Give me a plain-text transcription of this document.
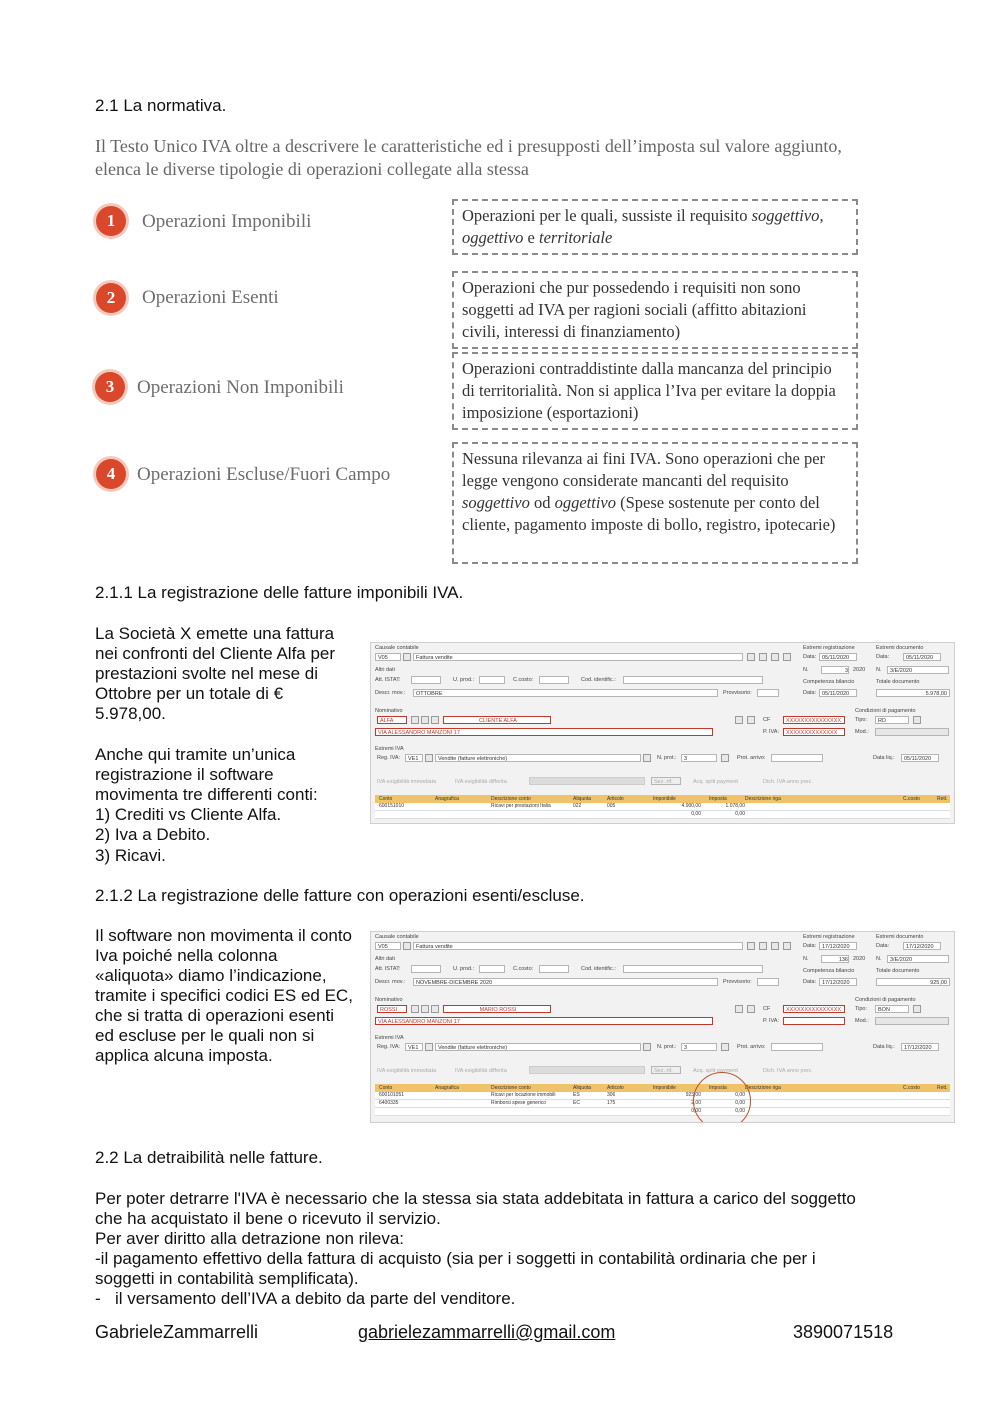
2.1 La normativa.
Il Testo Unico IVA oltre a descrivere le caratteristiche ed i presupposti dell’imposta sul valore aggiunto, elenca le diverse tipologie di operazioni collegate alla stessa
1	Operazioni Imponibili	Operazioni per le quali, sussiste il requisito soggettivo,
oggettivo e territoriale
2	Operazioni Esenti	Operazioni che pur possedendo i requisiti non sono soggetti ad IVA per ragioni sociali (affitto abitazioni civili, interessi di finanziamento)
3	Operazioni Non Imponibili
Operazioni contraddistinte dalla mancanza del principio di territorialità. Non si applica l’Iva per evitare la doppia imposizione (esportazioni)
4	Operazioni Escluse/Fuori Campo
Nessuna rilevanza ai fini IVA. Sono operazioni che per legge vengono considerate mancanti del requisito soggettivo od oggettivo (Spese sostenute per conto del cliente, pagamento imposte di bollo, registro, ipotecarie)
2.1.1 La registrazione delle fatture imponibili IVA.
La Società X emette una fattura nei confronti del Cliente Alfa per prestazioni svolte nel mese di Ottobre per un totale di € 5.978,00.
Anche qui tramite un’unica registrazione il software movimenta tre differenti conti:
1) Crediti vs Cliente Alfa.
2) Iva a Debito.
3) Ricavi.
Causale contabile
V05	Fattura vendite
Estremi registrazione
Data:	05/11/2020
N.	3 2020
Estremi documento
Data:	05/11/2020
N.	3/E/2020
Altri dati
Att. ISTAT:	U. prod.:	C.costo:	Cod. identific.:	Competenza bilancio	Totale documento
Descr. mov.:	OTTOBRE	Provvisorio:	Data:	05/11/2020	5.978,00
Nominativo
ALFA	CLIENTE ALFA
VIA ALESSANDRO MANZONI 17
CF	XXXXXXXXXXXXXXX
P. IVA:	XXXXXXXXXXXXXX
Condizioni di pagamento
Tipo:	RD
Mod.:
Estremi IVA
Reg. IVA:	VE1	Vendite (fatture elettroniche)	N. prot.:	3	Prot. arrivo:	Data liq.:	05/11/2020
IVA esigibilità immediata	IVA esigibilità differita	Sez. rif.	Acq. split payment	Dich. IVA anno prec.
Conto	Anagrafica	Descrizione conto	Aliquota	Articolo	Imponibile	Imposta	Descrizione riga	C.costo	Rett.
600151010	Ricavi per prestazioni Italia	022	005	4.900,00	1.078,00
0,00	0,00
2.1.2 La registrazione delle fatture con operazioni esenti/escluse.
Il software non movimenta il conto Iva poiché nella colonna «aliquota» diamo l’indicazione, tramite i specifici codici ES ed EC, che si tratta di operazioni esenti ed escluse per le quali non si applica alcuna imposta.
Causale contabile
V05	Fattura vendite
Estremi registrazione
Data:	17/12/2020
N.	136 2020
Estremi documento
Data:	17/12/2020
N.	3/E/2020
Altri dati
Att. ISTAT:	U. prod.:	C.costo:	Cod. identific.:	Competenza bilancio	Totale documento
Descr. mov.:	NOVEMBRE-DICEMBRE 2020	Provvisorio:	Data:	17/12/2020	925,00
Nominativo
ROSSI	MARIO ROSSI
VIA ALESSANDRO MANZONI 17
CF	XXXXXXXXXXXXXXX
P. IVA:
Condizioni di pagamento
Tipo:	BON
Mod.:
Estremi IVA
Reg. IVA:	VE1	Vendite (fatture elettroniche)	N. prot.:	3	Prot. arrivo:	Data liq.:	17/12/2020
IVA esigibilità immediata	IVA esigibilità differita	Sez. rif.	Acq. split payment	Dich. IVA anno prec.
Conto	Anagrafica	Descrizione conto	Aliquota	Articolo	Imponibile	Imposta	Descrizione riga	C.costo	Rett.
600101051	Ricavi per locazione immobili	ES	306	923,00	0,00
6400335	Rimborsi spese generico	EC	175	2,00	0,00
0,00	0,00
2.2 La detraibilità nelle fatture.
Per poter detrarre l'IVA è necessario che la stessa sia stata addebitata in fattura a carico del soggetto che ha acquistato il bene o ricevuto il servizio.
Per aver diritto alla detrazione non rileva:
-il pagamento effettivo della fattura di acquisto (sia per i soggetti in contabilità ordinaria che per i soggetti in contabilità semplificata).
- il versamento dell’IVA a debito da parte del venditore.
GabrieleZammarrelli	gabrielezammarrelli@gmail.com	3890071518
